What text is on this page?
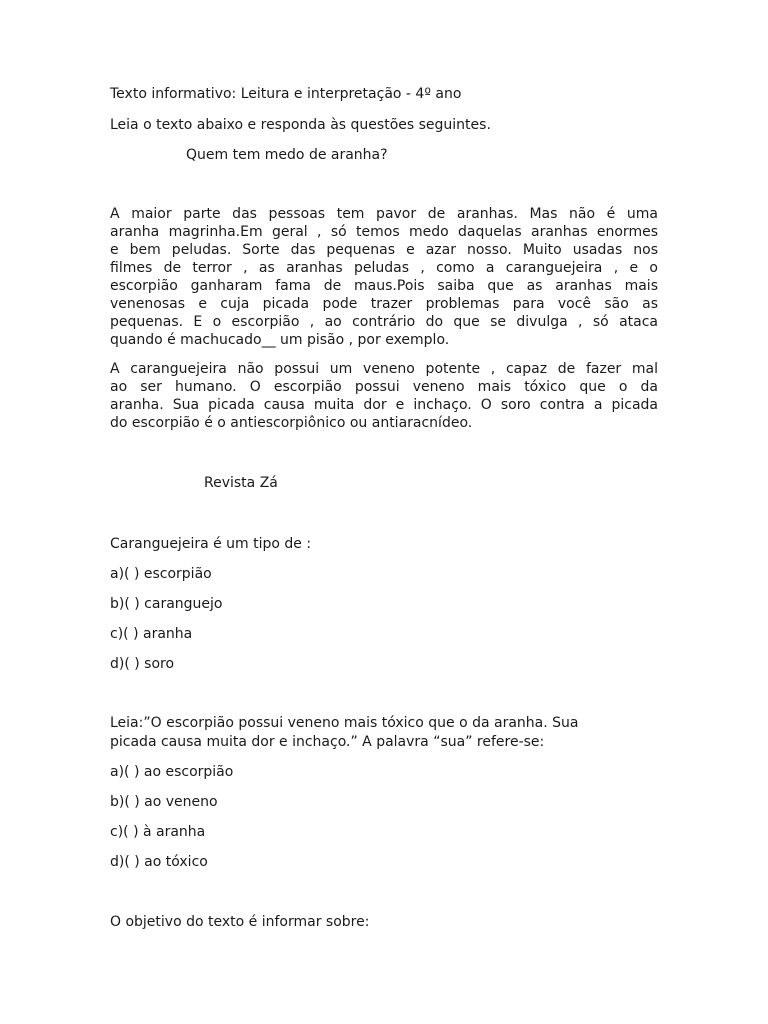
Texto informativo: Leitura e interpretação - 4º ano
Leia o texto abaixo e responda às questões seguintes.
Quem tem medo de aranha?
A maior parte das pessoas tem pavor de aranhas. Mas não é uma
aranha magrinha.Em geral , só temos medo daquelas aranhas enormes
e bem peludas. Sorte das pequenas e azar nosso. Muito usadas nos
filmes de terror , as aranhas peludas , como a caranguejeira , e o
escorpião ganharam fama de maus.Pois saiba que as aranhas mais
venenosas e cuja picada pode trazer problemas para você são as
pequenas. E o escorpião , ao contrário do que se divulga , só ataca
quando é machucado__ um pisão , por exemplo.
A caranguejeira não possui um veneno potente , capaz de fazer mal
ao ser humano. O escorpião possui veneno mais tóxico que o da
aranha. Sua picada causa muita dor e inchaço. O soro contra a picada
do escorpião é o antiescorpiônico ou antiaracnídeo.
Revista Zá
Caranguejeira é um tipo de :
a)( ) escorpião
b)( ) caranguejo
c)( ) aranha
d)( ) soro
Leia:”O escorpião possui veneno mais tóxico que o da aranha. Sua
picada causa muita dor e inchaço.” A palavra “sua” refere-se:
a)( ) ao escorpião
b)( ) ao veneno
c)( ) à aranha
d)( ) ao tóxico
O objetivo do texto é informar sobre:
